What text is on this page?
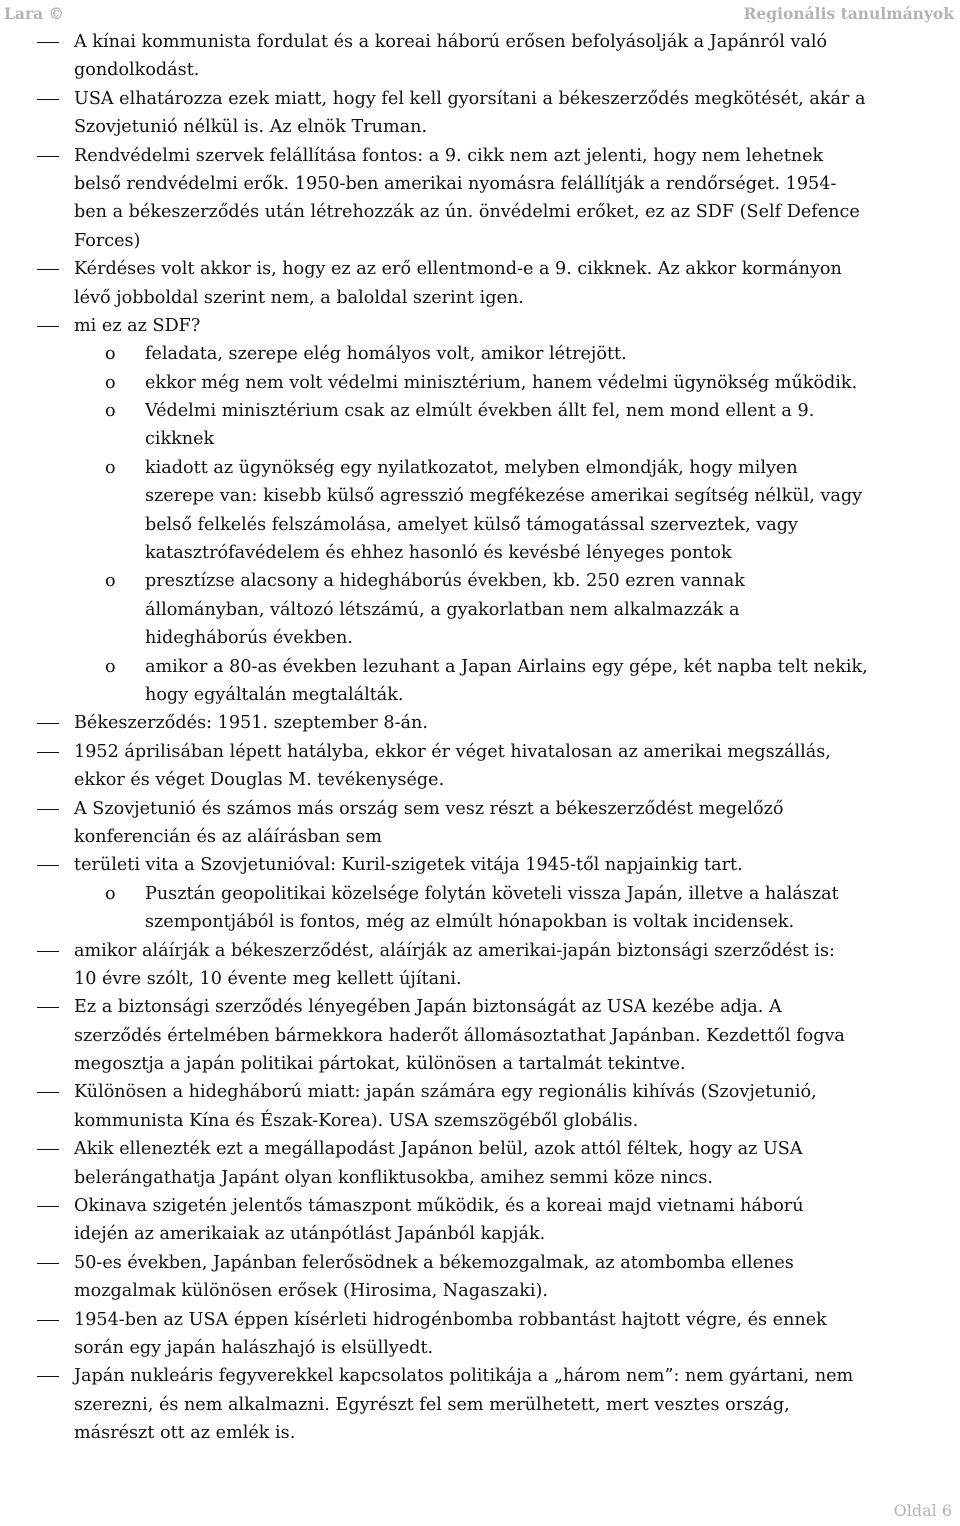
Lara ©	Regionális tanulmányok
A kínai kommunista fordulat és a koreai háború erősen befolyásolják a Japánról való
gondolkodást.
USA elhatározza ezek miatt, hogy fel kell gyorsítani a békeszerződés megkötését, akár a
Szovjetunió nélkül is. Az elnök Truman.
Rendvédelmi szervek felállítása fontos: a 9. cikk nem azt jelenti, hogy nem lehetnek
belső rendvédelmi erők. 1950-ben amerikai nyomásra felállítják a rendőrséget. 1954-
ben a békeszerződés után létrehozzák az ún. önvédelmi erőket, ez az SDF (Self Defence
Forces)
Kérdéses volt akkor is, hogy ez az erő ellentmond-e a 9. cikknek. Az akkor kormányon
lévő jobboldal szerint nem, a baloldal szerint igen.
mi ez az SDF?
o feladata, szerepe elég homályos volt, amikor létrejött.
o ekkor még nem volt védelmi minisztérium, hanem védelmi ügynökség működik.
o Védelmi minisztérium csak az elmúlt években állt fel, nem mond ellent a 9.
cikknek
o kiadott az ügynökség egy nyilatkozatot, melyben elmondják, hogy milyen
szerepe van: kisebb külső agresszió megfékezése amerikai segítség nélkül, vagy
belső felkelés felszámolása, amelyet külső támogatással szerveztek, vagy
katasztrófavédelem és ehhez hasonló és kevésbé lényeges pontok
o presztízse alacsony a hidegháborús években, kb. 250 ezren vannak
állományban, változó létszámú, a gyakorlatban nem alkalmazzák a
hidegháborús években.
o amikor a 80-as években lezuhant a Japan Airlains egy gépe, két napba telt nekik,
hogy egyáltalán megtalálták.
Békeszerződés: 1951. szeptember 8-án.
1952 áprilisában lépett hatályba, ekkor ér véget hivatalosan az amerikai megszállás,
ekkor és véget Douglas M. tevékenysége.
A Szovjetunió és számos más ország sem vesz részt a békeszerződést megelőző
konferencián és az aláírásban sem
területi vita a Szovjetunióval: Kuril-szigetek vitája 1945-től napjainkig tart.
o Pusztán geopolitikai közelsége folytán követeli vissza Japán, illetve a halászat
szempontjából is fontos, még az elmúlt hónapokban is voltak incidensek.
amikor aláírják a békeszerződést, aláírják az amerikai-japán biztonsági szerződést is:
10 évre szólt, 10 évente meg kellett újítani.
Ez a biztonsági szerződés lényegében Japán biztonságát az USA kezébe adja. A
szerződés értelmében bármekkora haderőt állomásoztathat Japánban. Kezdettől fogva
megosztja a japán politikai pártokat, különösen a tartalmát tekintve.
Különösen a hidegháború miatt: japán számára egy regionális kihívás (Szovjetunió,
kommunista Kína és Észak-Korea). USA szemszögéből globális.
Akik ellenezték ezt a megállapodást Japánon belül, azok attól féltek, hogy az USA
belerángathatja Japánt olyan konfliktusokba, amihez semmi köze nincs.
Okinava szigetén jelentős támaszpont működik, és a koreai majd vietnami háború
idején az amerikaiak az utánpótlást Japánból kapják.
50-es években, Japánban felerősödnek a békemozgalmak, az atombomba ellenes
mozgalmak különösen erősek (Hirosima, Nagaszaki).
1954-ben az USA éppen kísérleti hidrogénbomba robbantást hajtott végre, és ennek
során egy japán halászhajó is elsüllyedt.
Japán nukleáris fegyverekkel kapcsolatos politikája a „három nem”: nem gyártani, nem
szerezni, és nem alkalmazni. Egyrészt fel sem merülhetett, mert vesztes ország,
másrészt ott az emlék is.
Oldal 6
